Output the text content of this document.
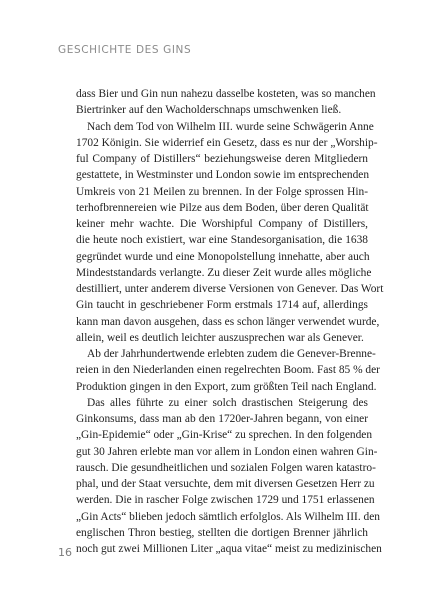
GESCHICHTE DES GINS
dass Bier und Gin nun nahezu dasselbe kosteten, was so manchen
Biertrinker auf den Wacholderschnaps umschwenken ließ.
Nach dem Tod von Wilhelm III. wurde seine Schwägerin Anne
1702 Königin. Sie widerrief ein Gesetz, dass es nur der „Worship-
ful Company of Distillers“ beziehungsweise deren Mitgliedern
gestattete, in Westminster und London sowie im entsprechenden
Umkreis von 21 Meilen zu brennen. In der Folge sprossen Hin-
terhofbrennereien wie Pilze aus dem Boden, über deren Qualität
keiner mehr wachte. Die Worshipful Company of Distillers,
die heute noch existiert, war eine Standesorganisation, die 1638
gegründet wurde und eine Monopolstellung innehatte, aber auch
Mindeststandards verlangte. Zu dieser Zeit wurde alles mögliche
destilliert, unter anderem diverse Versionen von Genever. Das Wort
Gin taucht in geschriebener Form erstmals 1714 auf, allerdings
kann man davon ausgehen, dass es schon länger verwendet wurde,
allein, weil es deutlich leichter auszusprechen war als Genever.
Ab der Jahrhundertwende erlebten zudem die Genever-Brenne-
reien in den Niederlanden einen regelrechten Boom. Fast 85 % der
Produktion gingen in den Export, zum größten Teil nach England.
Das alles führte zu einer solch drastischen Steigerung des
Ginkonsums, dass man ab den 1720er-Jahren begann, von einer
„Gin-Epidemie“ oder „Gin-Krise“ zu sprechen. In den folgenden
gut 30 Jahren erlebte man vor allem in London einen wahren Gin-
rausch. Die gesundheitlichen und sozialen Folgen waren katastro-
phal, und der Staat versuchte, dem mit diversen Gesetzen Herr zu
werden. Die in rascher Folge zwischen 1729 und 1751 erlassenen
„Gin Acts“ blieben jedoch sämtlich erfolglos. Als Wilhelm III. den
englischen Thron bestieg, stellten die dortigen Brenner jährlich
noch gut zwei Millionen Liter „aqua vitae“ meist zu medizinischen
16
